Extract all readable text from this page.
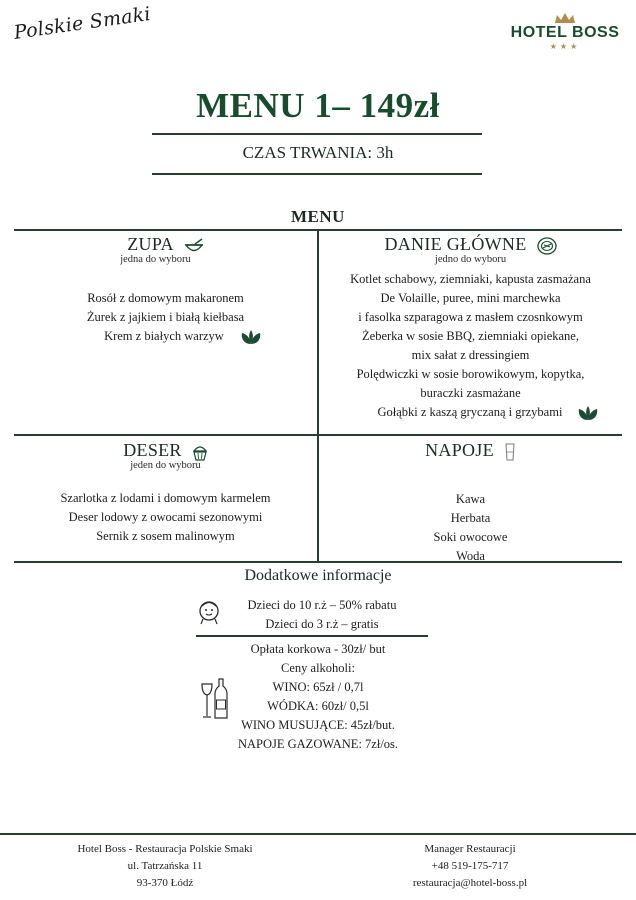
Polskie Smaki	HOTEL BOSS
★★★
MENU 1– 149zł
CZAS TRWANIA: 3h
MENU
ZUPA
jedna do wyboru
Rosół z domowym makaronem
Żurek z jajkiem i białą kiełbasa
Krem z białych warzyw
DANIE GŁÓWNE
jedno do wyboru
Kotlet schabowy, ziemniaki, kapusta zasmażana
De Volaille, puree, mini marchewka
i fasolka szparagowa z masłem czosnkowym
Żeberka w sosie BBQ, ziemniaki opiekane,
mix sałat z dressingiem
Polędwiczki w sosie borowikowym, kopytka,
buraczki zasmażane
Gołąbki z kaszą gryczaną i grzybami
DESER
jeden do wyboru
Szarlotka z lodami i domowym karmelem
Deser lodowy z owocami sezonowymi
Sernik z sosem malinowym
NAPOJE
Kawa
Herbata
Soki owocowe
Woda
Dodatkowe informacje
Dzieci do 10 r.ż – 50% rabatu
Dzieci do 3 r.ż – gratis
Opłata korkowa - 30zł/ but
Ceny alkoholi:
WINO: 65zł / 0,7l
WÓDKA: 60zł/ 0,5l
WINO MUSUJĄCE: 45zł/but.
NAPOJE GAZOWANE: 7zł/os.
Hotel Boss - Restauracja Polskie Smaki
ul. Tatrzańska 11
93-370 Łódź
Manager Restauracji
+48 519-175-717
restauracja@hotel-boss.pl
